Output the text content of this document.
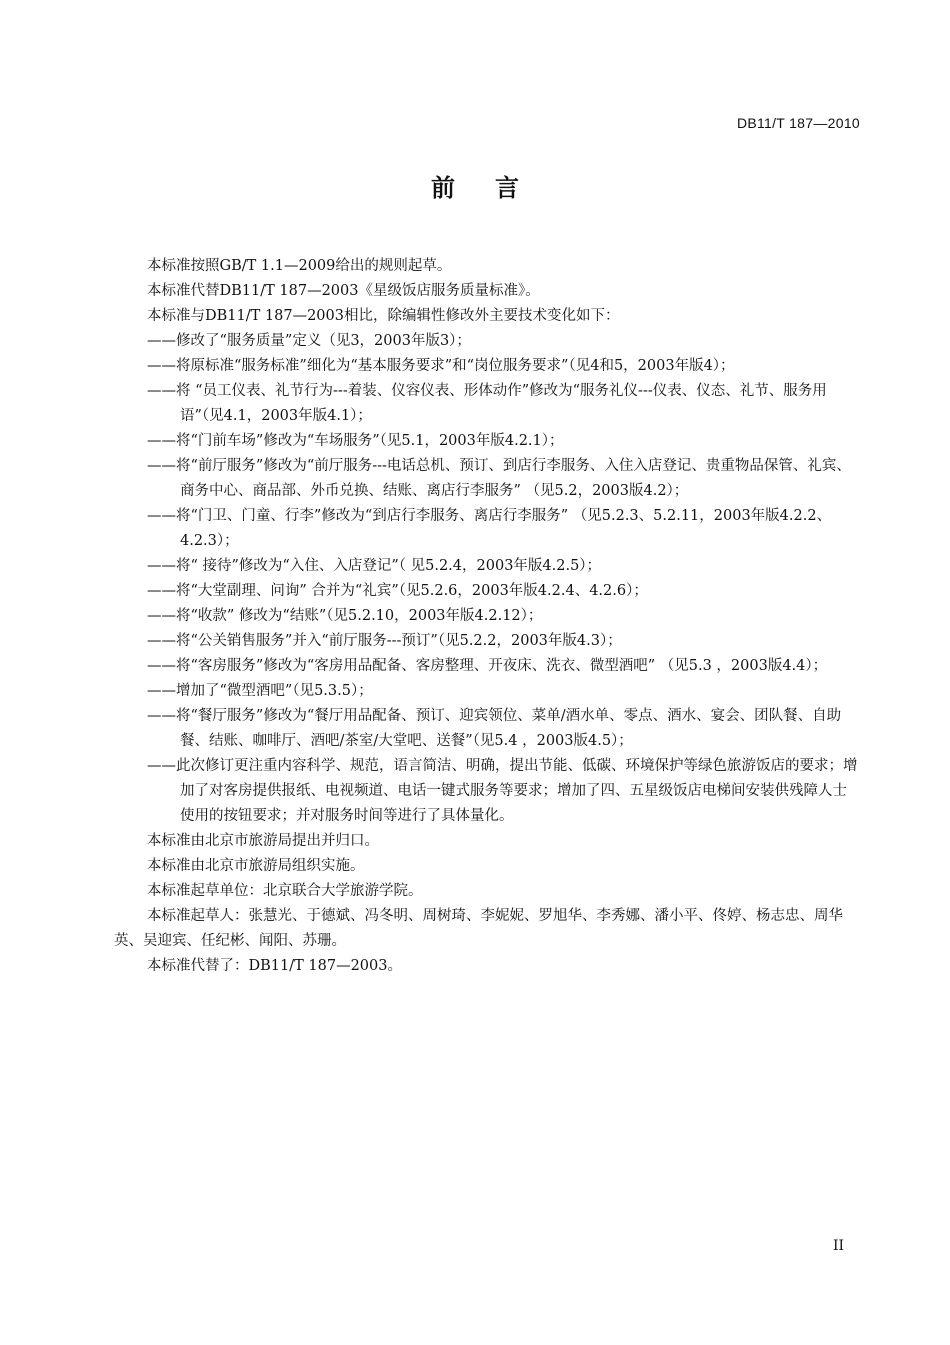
DB11/T 187—2010
前言

本标准按照GB/T 1.1—2009给出的规则起草。

本标准代替DB11/T 187—2003《星级饭店服务质量标准》。

本标准与DB11/T 187—2003相比，除编辑性修改外主要技术变化如下：

——修改了“服务质量”定义（见3，2003年版3）；

——将原标准“服务标准”细化为“基本服务要求”和“岗位服务要求”（见4和5，2003年版4）；

——将 “员工仪表、礼节行为---着装、仪容仪表、形体动作”修改为“服务礼仪---仪表、仪态、礼节、服务用语”（见4.1，2003年版4.1）；

——将“门前车场”修改为“车场服务”（见5.1，2003年版4.2.1）；

——将“前厅服务”修改为“前厅服务---电话总机、预订、到店行李服务、入住入店登记、贵重物品保管、礼宾、商务中心、商品部、外币兑换、结账、离店行李服务” （见5.2，2003版4.2）；

——将“门卫、门童、行李”修改为“到店行李服务、离店行李服务” （见5.2.3、5.2.11，2003年版4.2.2、4.2.3）；

——将“ 接待”修改为“入住、入店登记”（ 见5.2.4，2003年版4.2.5）；

——将“大堂副理、问询” 合并为“礼宾”（见5.2.6，2003年版4.2.4、4.2.6）；

——将“收款” 修改为“结账”（见5.2.10，2003年版4.2.12）；

——将“公关销售服务”并入“前厅服务---预订”（见5.2.2，2003年版4.3）；

——将“客房服务”修改为“客房用品配备、客房整理、开夜床、洗衣、微型酒吧” （见5.3 ，2003版4.4）；

——增加了“微型酒吧”（见5.3.5）；

——将“餐厅服务”修改为“餐厅用品配备、预订、迎宾领位、菜单/酒水单、零点、酒水、宴会、团队餐、自助餐、结账、咖啡厅、酒吧/茶室/大堂吧、送餐”（见5.4 ，2003版4.5）；

——此次修订更注重内容科学、规范，语言简洁、明确，提出节能、低碳、环境保护等绿色旅游饭店的要求；增加了对客房提供报纸、电视频道、电话一键式服务等要求；增加了四、五星级饭店电梯间安装供残障人士使用的按钮要求；并对服务时间等进行了具体量化。

本标准由北京市旅游局提出并归口。

本标准由北京市旅游局组织实施。

本标准起草单位：北京联合大学旅游学院。

本标准起草人：张慧光、于德斌、冯冬明、周树琦、李妮妮、罗旭华、李秀娜、潘小平、佟婷、杨志忠、周华英、吴迎宾、任纪彬、闻阳、苏珊。

本标准代替了：DB11/T 187—2003。

II
